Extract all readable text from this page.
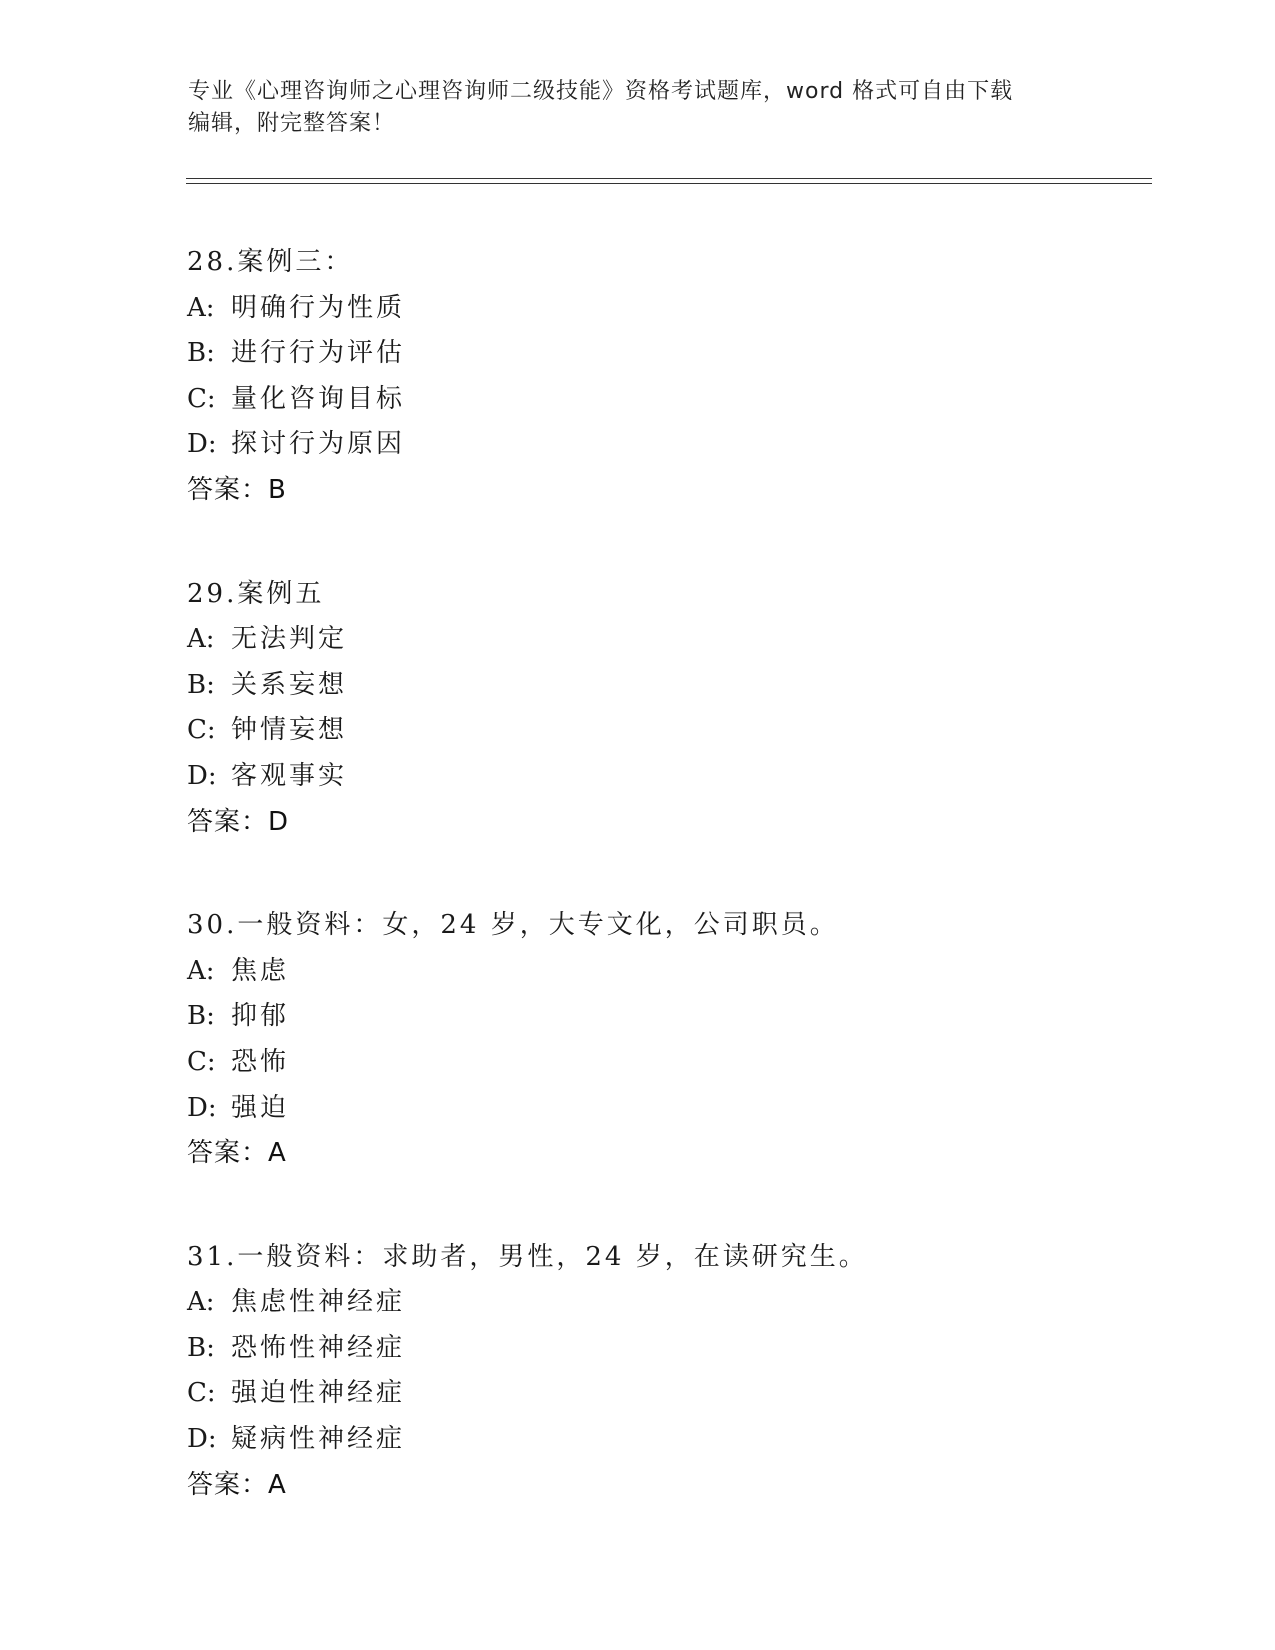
专业《心理咨询师之心理咨询师二级技能》资格考试题库，word 格式可自由下载
编辑，附完整答案！
28.案例三：
A: 明确行为性质
B: 进行行为评估
C: 量化咨询目标
D: 探讨行为原因
答案：B
29.案例五
A: 无法判定
B: 关系妄想
C: 钟情妄想
D: 客观事实
答案：D
30.一般资料：女，24 岁，大专文化，公司职员。
A: 焦虑
B: 抑郁
C: 恐怖
D: 强迫
答案：A
31.一般资料：求助者，男性，24 岁，在读研究生。
A: 焦虑性神经症
B: 恐怖性神经症
C: 强迫性神经症
D: 疑病性神经症
答案：A
